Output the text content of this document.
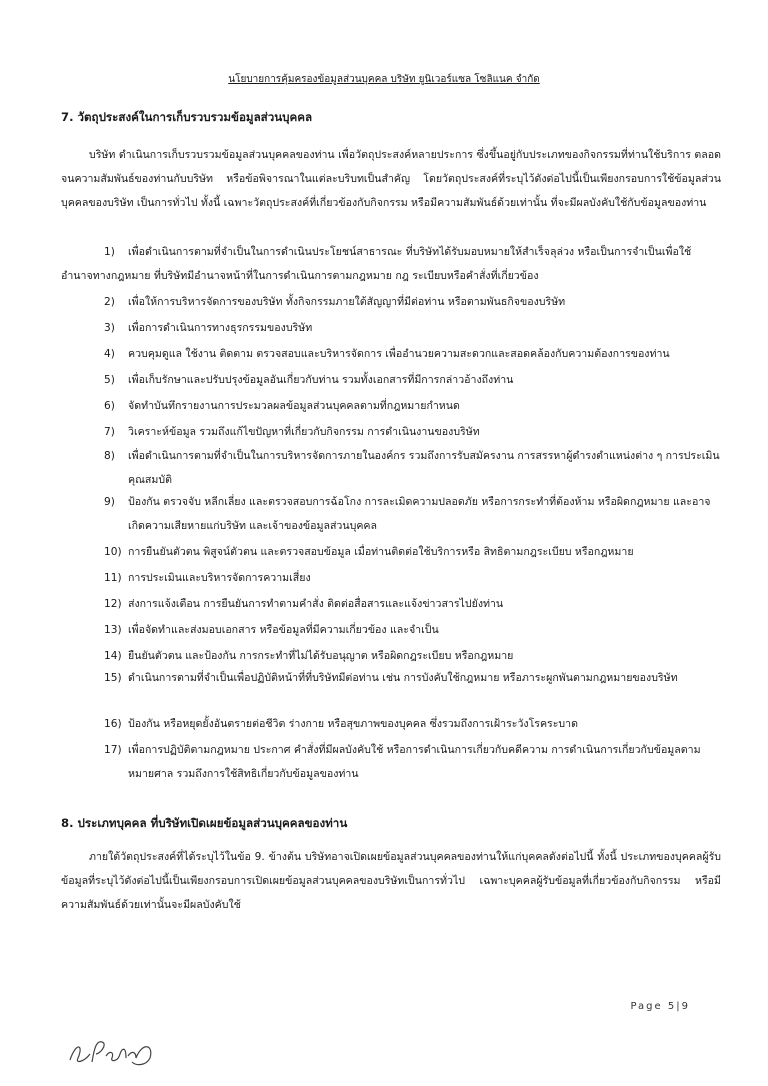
นโยบายการคุ้มครองข้อมูลส่วนบุคคล บริษัท ยูนิเวอร์แซล โซลิแนค จำกัด
7. วัตถุประสงค์ในการเก็บรวบรวมข้อมูลส่วนบุคคล

บริษัท ดำเนินการเก็บรวบรวมข้อมูลส่วนบุคคลของท่าน เพื่อวัตถุประสงค์หลายประการ ซึ่งขึ้นอยู่กับประเภทของกิจกรรมที่ท่านใช้บริการ ตลอดจนความสัมพันธ์ของท่านกับบริษัท หรือข้อพิจารณาในแต่ละบริบทเป็นสำคัญ โดยวัตถุประสงค์ที่ระบุไว้ดังต่อไปนี้เป็นเพียงกรอบการใช้ข้อมูลส่วนบุคคลของบริษัท เป็นการทั่วไป ทั้งนี้ เฉพาะวัตถุประสงค์ที่เกี่ยวข้องกับกิจกรรม หรือมีความสัมพันธ์ด้วยเท่านั้น ที่จะมีผลบังคับใช้กับข้อมูลของท่าน

1)	เพื่อดำเนินการตามที่จำเป็นในการดำเนินประโยชน์สาธารณะ ที่บริษัทได้รับมอบหมายให้สำเร็จลุล่วง หรือเป็นการจำเป็นเพื่อใช้อำนาจทางกฎหมาย ที่บริษัทมีอำนาจหน้าที่ในการดำเนินการตามกฎหมาย กฎ ระเบียบหรือคำสั่งที่เกี่ยวข้อง
2)	เพื่อให้การบริหารจัดการของบริษัท ทั้งกิจกรรมภายใต้สัญญาที่มีต่อท่าน หรือตามพันธกิจของบริษัท
3)	เพื่อการดำเนินการทางธุรกรรมของบริษัท
4)	ควบคุมดูแล ใช้งาน ติดตาม ตรวจสอบและบริหารจัดการ เพื่ออำนวยความสะดวกและสอดคล้องกับความต้องการของท่าน
5)	เพื่อเก็บรักษาและปรับปรุงข้อมูลอันเกี่ยวกับท่าน รวมทั้งเอกสารที่มีการกล่าวอ้างถึงท่าน
6)	จัดทำบันทึกรายงานการประมวลผลข้อมูลส่วนบุคคลตามที่กฎหมายกำหนด
7)	วิเคราะห์ข้อมูล รวมถึงแก้ไขปัญหาที่เกี่ยวกับกิจกรรม การดำเนินงานของบริษัท
8)	เพื่อดำเนินการตามที่จำเป็นในการบริหารจัดการภายในองค์กร รวมถึงการรับสมัครงาน การสรรหาผู้ดำรงตำแหน่งต่าง ๆ การประเมินคุณสมบัติ
9)	ป้องกัน ตรวจจับ หลีกเลี่ยง และตรวจสอบการฉ้อโกง การละเมิดความปลอดภัย หรือการกระทำที่ต้องห้าม หรือผิดกฎหมาย และอาจเกิดความเสียหายแก่บริษัท และเจ้าของข้อมูลส่วนบุคคล
10) การยืนยันตัวตน พิสูจน์ตัวตน และตรวจสอบข้อมูล เมื่อท่านติดต่อใช้บริการหรือ สิทธิตามกฎระเบียบ หรือกฎหมาย
11) การประเมินและบริหารจัดการความเสี่ยง
12) ส่งการแจ้งเตือน การยืนยันการทำตามคำสั่ง ติดต่อสื่อสารและแจ้งข่าวสารไปยังท่าน
13) เพื่อจัดทำและส่งมอบเอกสาร หรือข้อมูลที่มีความเกี่ยวข้อง และจำเป็น
14) ยืนยันตัวตน และป้องกัน การกระทำที่ไม่ได้รับอนุญาต หรือผิดกฎระเบียบ หรือกฎหมาย
15) ดำเนินการตามที่จำเป็นเพื่อปฏิบัติหน้าที่ที่บริษัทมีต่อท่าน เช่น การบังคับใช้กฎหมาย หรือภาระผูกพันตามกฎหมายของบริษัท
16) ป้องกัน หรือหยุดยั้งอันตรายต่อชีวิต ร่างกาย หรือสุขภาพของบุคคล ซึ่งรวมถึงการเฝ้าระวังโรคระบาด
17) เพื่อการปฏิบัติตามกฎหมาย ประกาศ คำสั่งที่มีผลบังคับใช้ หรือการดำเนินการเกี่ยวกับคดีความ การดำเนินการเกี่ยวกับข้อมูลตามหมายศาล รวมถึงการใช้สิทธิเกี่ยวกับข้อมูลของท่าน
8. ประเภทบุคคล ที่บริษัทเปิดเผยข้อมูลส่วนบุคคลของท่าน

ภายใต้วัตถุประสงค์ที่ได้ระบุไว้ในข้อ 9. ข้างต้น บริษัทอาจเปิดเผยข้อมูลส่วนบุคคลของท่านให้แก่บุคคลดังต่อไปนี้ ทั้งนี้ ประเภทของบุคคลผู้รับข้อมูลที่ระบุไว้ดังต่อไปนี้เป็นเพียงกรอบการเปิดเผยข้อมูลส่วนบุคคลของบริษัทเป็นการทั่วไป เฉพาะบุคคลผู้รับข้อมูลที่เกี่ยวข้องกับกิจกรรม หรือมีความสัมพันธ์ด้วยเท่านั้นจะมีผลบังคับใช้

Page 5|9
